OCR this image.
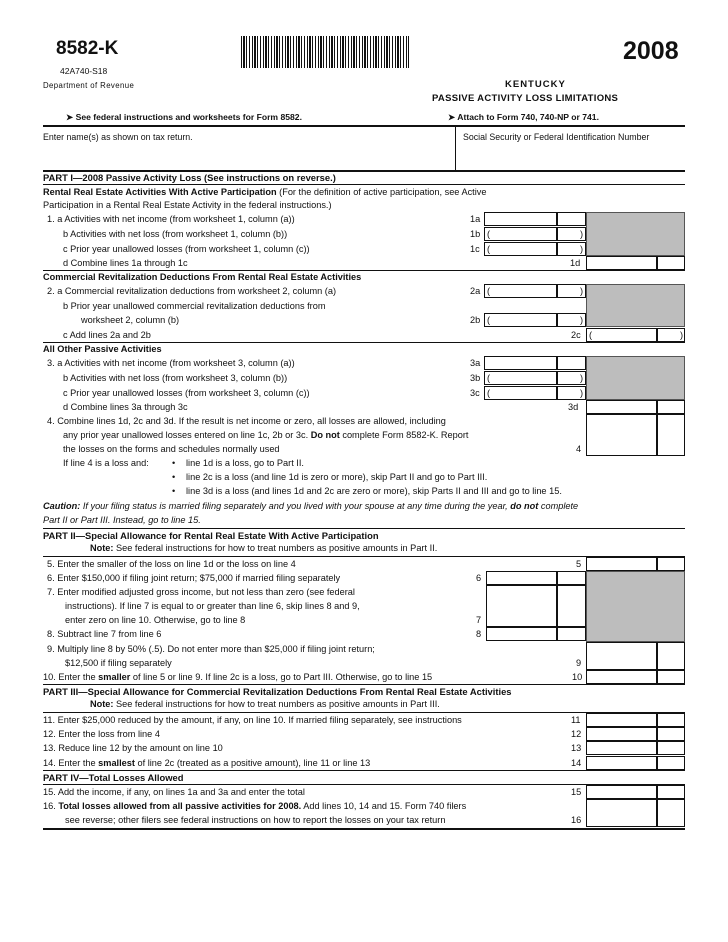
8582-K
42A740-S18
Department of Revenue
2008
KENTUCKY
PASSIVE ACTIVITY LOSS LIMITATIONS
➤ See federal instructions and worksheets for Form 8582.	➤ Attach to Form 740, 740-NP or 741.
Enter name(s) as shown on tax return.	Social Security or Federal Identification Number
PART I—2008 Passive Activity Loss (See instructions on reverse.)
Rental Real Estate Activities With Active Participation (For the definition of active participation, see Active
Participation in a Rental Real Estate Activity in the federal instructions.)
1. a Activities with net income (from worksheet 1, column (a))	1a
b Activities with net loss (from worksheet 1, column (b))	1b (	)
c Prior year unallowed losses (from worksheet 1, column (c))	1c (	)
d Combine lines 1a through 1c	1d
Commercial Revitalization Deductions From Rental Real Estate Activities
2. a Commercial revitalization deductions from worksheet 2, column (a)	2a (	)
b Prior year unallowed commercial revitalization deductions from
worksheet 2, column (b)	2b (	)
c Add lines 2a and 2b	2c (	)
All Other Passive Activities
3. a Activities with net income (from worksheet 3, column (a))	3a
b Activities with net loss (from worksheet 3, column (b))	3b (	)
c Prior year unallowed losses (from worksheet 3, column (c))	3c (	)
d Combine lines 3a through 3c	3d
4. Combine lines 1d, 2c and 3d. If the result is net income or zero, all losses are allowed, including
any prior year unallowed losses entered on line 1c, 2b or 3c. Do not complete Form 8582-K. Report
the losses on the forms and schedules normally used	4
If line 4 is a loss and:	• line 1d is a loss, go to Part II.
• line 2c is a loss (and line 1d is zero or more), skip Part II and go to Part III.
• line 3d is a loss (and lines 1d and 2c are zero or more), skip Parts II and III and go to line 15.
Caution: If your filing status is married filing separately and you lived with your spouse at any time during the year, do not complete
Part II or Part III. Instead, go to line 15.
PART II—Special Allowance for Rental Real Estate With Active Participation
Note: See federal instructions for how to treat numbers as positive amounts in Part II.
5. Enter the smaller of the loss on line 1d or the loss on line 4	5
6. Enter $150,000 if filing joint return; $75,000 if married filing separately	6
7. Enter modified adjusted gross income, but not less than zero (see federal
instructions). If line 7 is equal to or greater than line 6, skip lines 8 and 9,
enter zero on line 10. Otherwise, go to line 8	7
8. Subtract line 7 from line 6	8
9. Multiply line 8 by 50% (.5). Do not enter more than $25,000 if filing joint return;
$12,500 if filing separately	9
10. Enter the smaller of line 5 or line 9. If line 2c is a loss, go to Part III. Otherwise, go to line 15	10
PART III—Special Allowance for Commercial Revitalization Deductions From Rental Real Estate Activities
Note: See federal instructions for how to treat numbers as positive amounts in Part III.
11. Enter $25,000 reduced by the amount, if any, on line 10. If married filing separately, see instructions	11
12. Enter the loss from line 4	12
13. Reduce line 12 by the amount on line 10	13
14. Enter the smallest of line 2c (treated as a positive amount), line 11 or line 13	14
PART IV—Total Losses Allowed
15. Add the income, if any, on lines 1a and 3a and enter the total	15
16. Total losses allowed from all passive activities for 2008. Add lines 10, 14 and 15. Form 740 filers
see reverse; other filers see federal instructions on how to report the losses on your tax return	16
